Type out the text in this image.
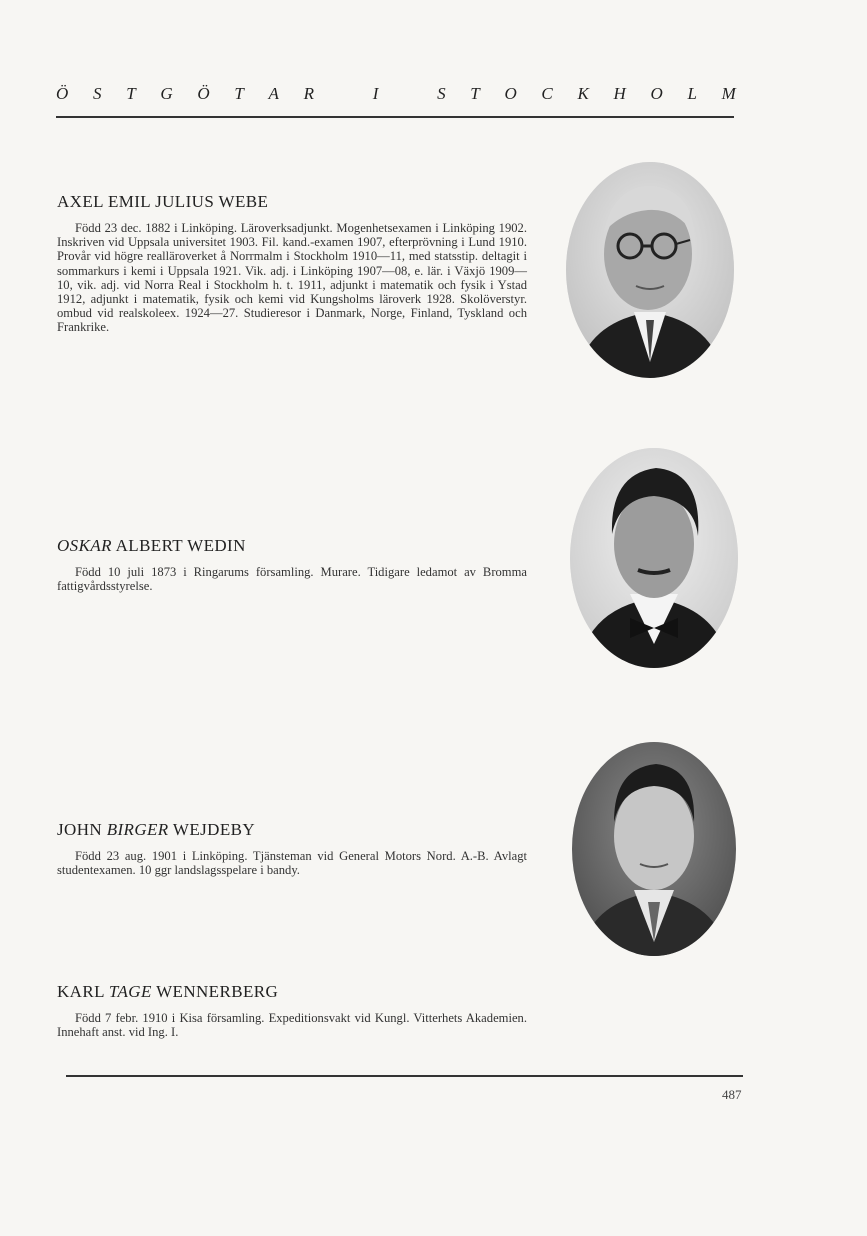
Ö S T G Ö T A R	I	S T O C K H O L M
AXEL EMIL JULIUS WEBE

Född 23 dec. 1882 i Linköping. Läroverksadjunkt. Mogenhetsexamen i Linköping 1902. Inskriven vid Uppsala universitet 1903. Fil. kand.-examen 1907, efterprövning i Lund 1910. Provår vid högre realläroverket å Norrmalm i Stockholm 1910—11, med statsstip. deltagit i sommarkurs i kemi i Uppsala 1921. Vik. adj. i Linköping 1907—08, e. lär. i Växjö 1909—10, vik. adj. vid Norra Real i Stockholm h. t. 1911, adjunkt i matematik och fysik i Ystad 1912, adjunkt i matematik, fysik och kemi vid Kungsholms läroverk 1928. Skolöverstyr. ombud vid realskoleex. 1924—27. Studieresor i Danmark, Norge, Finland, Tyskland och Frankrike.

OSKAR ALBERT WEDIN

Född 10 juli 1873 i Ringarums församling. Murare. Tidigare ledamot av Bromma fattigvårdsstyrelse.

JOHN BIRGER WEJDEBY

Född 23 aug. 1901 i Linköping. Tjänsteman vid General Motors Nord. A.-B. Avlagt studentexamen. 10 ggr landslagsspelare i bandy.

KARL TAGE WENNERBERG

Född 7 febr. 1910 i Kisa församling. Expeditionsvakt vid Kungl. Vitterhets Akademien. Innehaft anst. vid Ing. I.

487
